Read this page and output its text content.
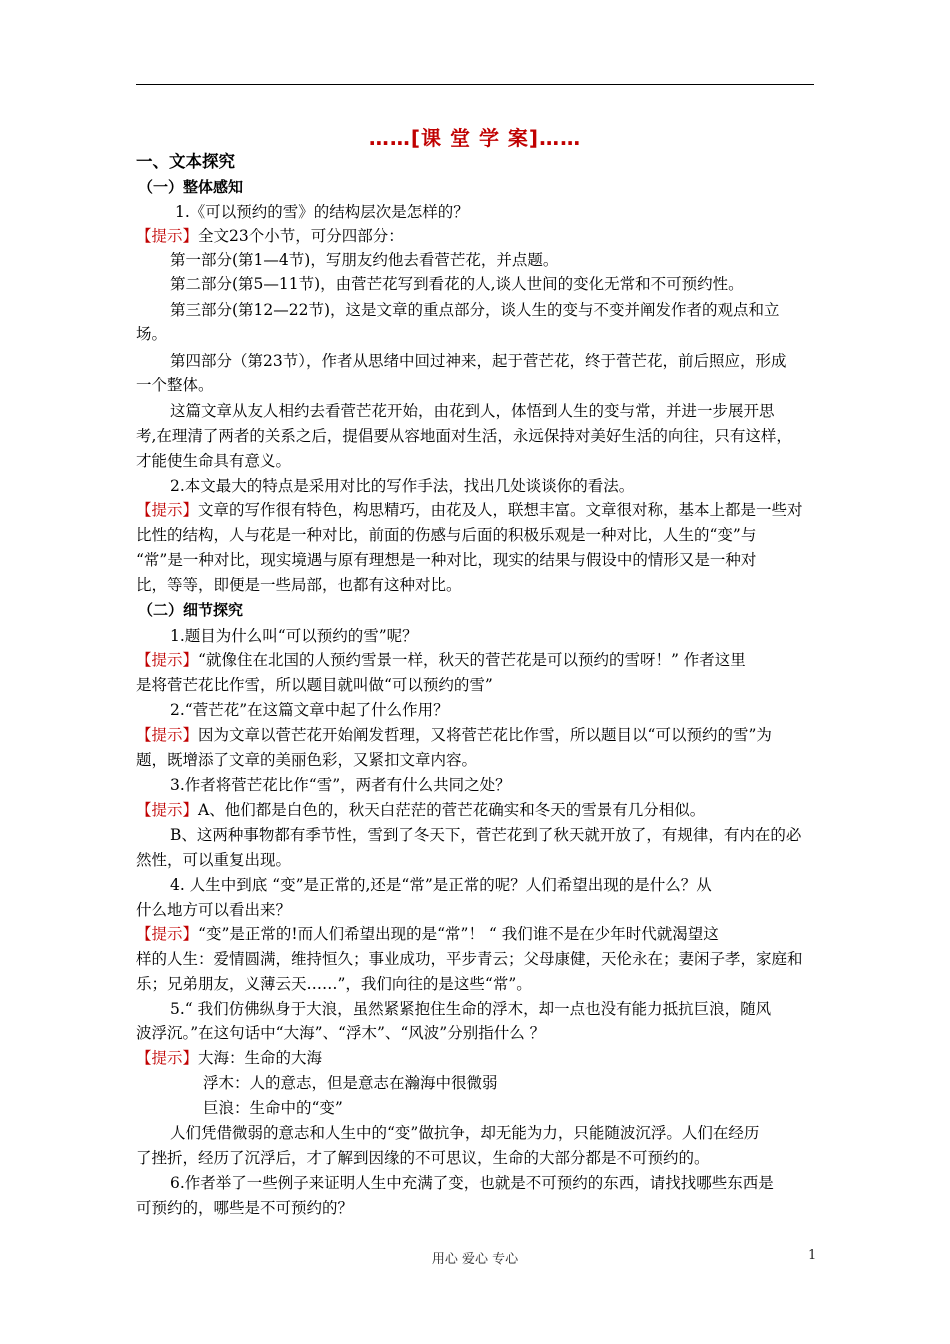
……[课 堂 学 案]……
一、文本探究
（一）整体感知
1.《可以预约的雪》的结构层次是怎样的？
【提示】全文23个小节，可分四部分：
第一部分(第1—4节)，写朋友约他去看菅芒花，并点题。
第二部分(第5—11节)，由菅芒花写到看花的人,谈人世间的变化无常和不可预约性。
第三部分(第12—22节)，这是文章的重点部分，谈人生的变与不变并阐发作者的观点和立
场。
第四部分（第23节），作者从思绪中回过神来，起于菅芒花，终于菅芒花，前后照应，形成
一个整体。
这篇文章从友人相约去看菅芒花开始，由花到人，体悟到人生的变与常，并进一步展开思
考,在理清了两者的关系之后，提倡要从容地面对生活，永远保持对美好生活的向往，只有这样，
才能使生命具有意义。
2.本文最大的特点是采用对比的写作手法，找出几处谈谈你的看法。
【提示】文章的写作很有特色，构思精巧，由花及人，联想丰富。文章很对称，基本上都是一些对
比性的结构，人与花是一种对比，前面的伤感与后面的积极乐观是一种对比，人生的“变”与
“常”是一种对比，现实境遇与原有理想是一种对比，现实的结果与假设中的情形又是一种对
比，等等，即便是一些局部，也都有这种对比。
（二）细节探究
1.题目为什么叫“可以预约的雪”呢？
【提示】“就像住在北国的人预约雪景一样，秋天的菅芒花是可以预约的雪呀！” 作者这里
是将菅芒花比作雪，所以题目就叫做“可以预约的雪”
2.“菅芒花”在这篇文章中起了什么作用？
【提示】因为文章以菅芒花开始阐发哲理，又将菅芒花比作雪，所以题目以“可以预约的雪”为
题，既增添了文章的美丽色彩，又紧扣文章内容。
3.作者将菅芒花比作“雪”，两者有什么共同之处？
【提示】A、他们都是白色的，秋天白茫茫的菅芒花确实和冬天的雪景有几分相似。
B、这两种事物都有季节性，雪到了冬天下，菅芒花到了秋天就开放了，有规律，有内在的必
然性，可以重复出现。
4. 人生中到底 “变”是正常的,还是“常”是正常的呢？人们希望出现的是什么？从
什么地方可以看出来？
【提示】“变”是正常的!而人们希望出现的是“常”！ “ 我们谁不是在少年时代就渴望这
样的人生：爱情圆满，维持恒久；事业成功，平步青云；父母康健，天伦永在；妻闲子孝，家庭和
乐；兄弟朋友，义薄云天……”，我们向往的是这些“常”。
5.“ 我们仿佛纵身于大浪，虽然紧紧抱住生命的浮木，却一点也没有能力抵抗巨浪，随风
波浮沉。”在这句话中“大海”、“浮木”、“风波”分别指什么 ？
【提示】大海：生命的大海
浮木：人的意志，但是意志在瀚海中很微弱
巨浪：生命中的“变”
人们凭借微弱的意志和人生中的“变”做抗争，却无能为力，只能随波沉浮。人们在经历
了挫折，经历了沉浮后，才了解到因缘的不可思议，生命的大部分都是不可预约的。
6.作者举了一些例子来证明人生中充满了变，也就是不可预约的东西，请找找哪些东西是
可预约的，哪些是不可预约的？
用心 爱心 专心	1
